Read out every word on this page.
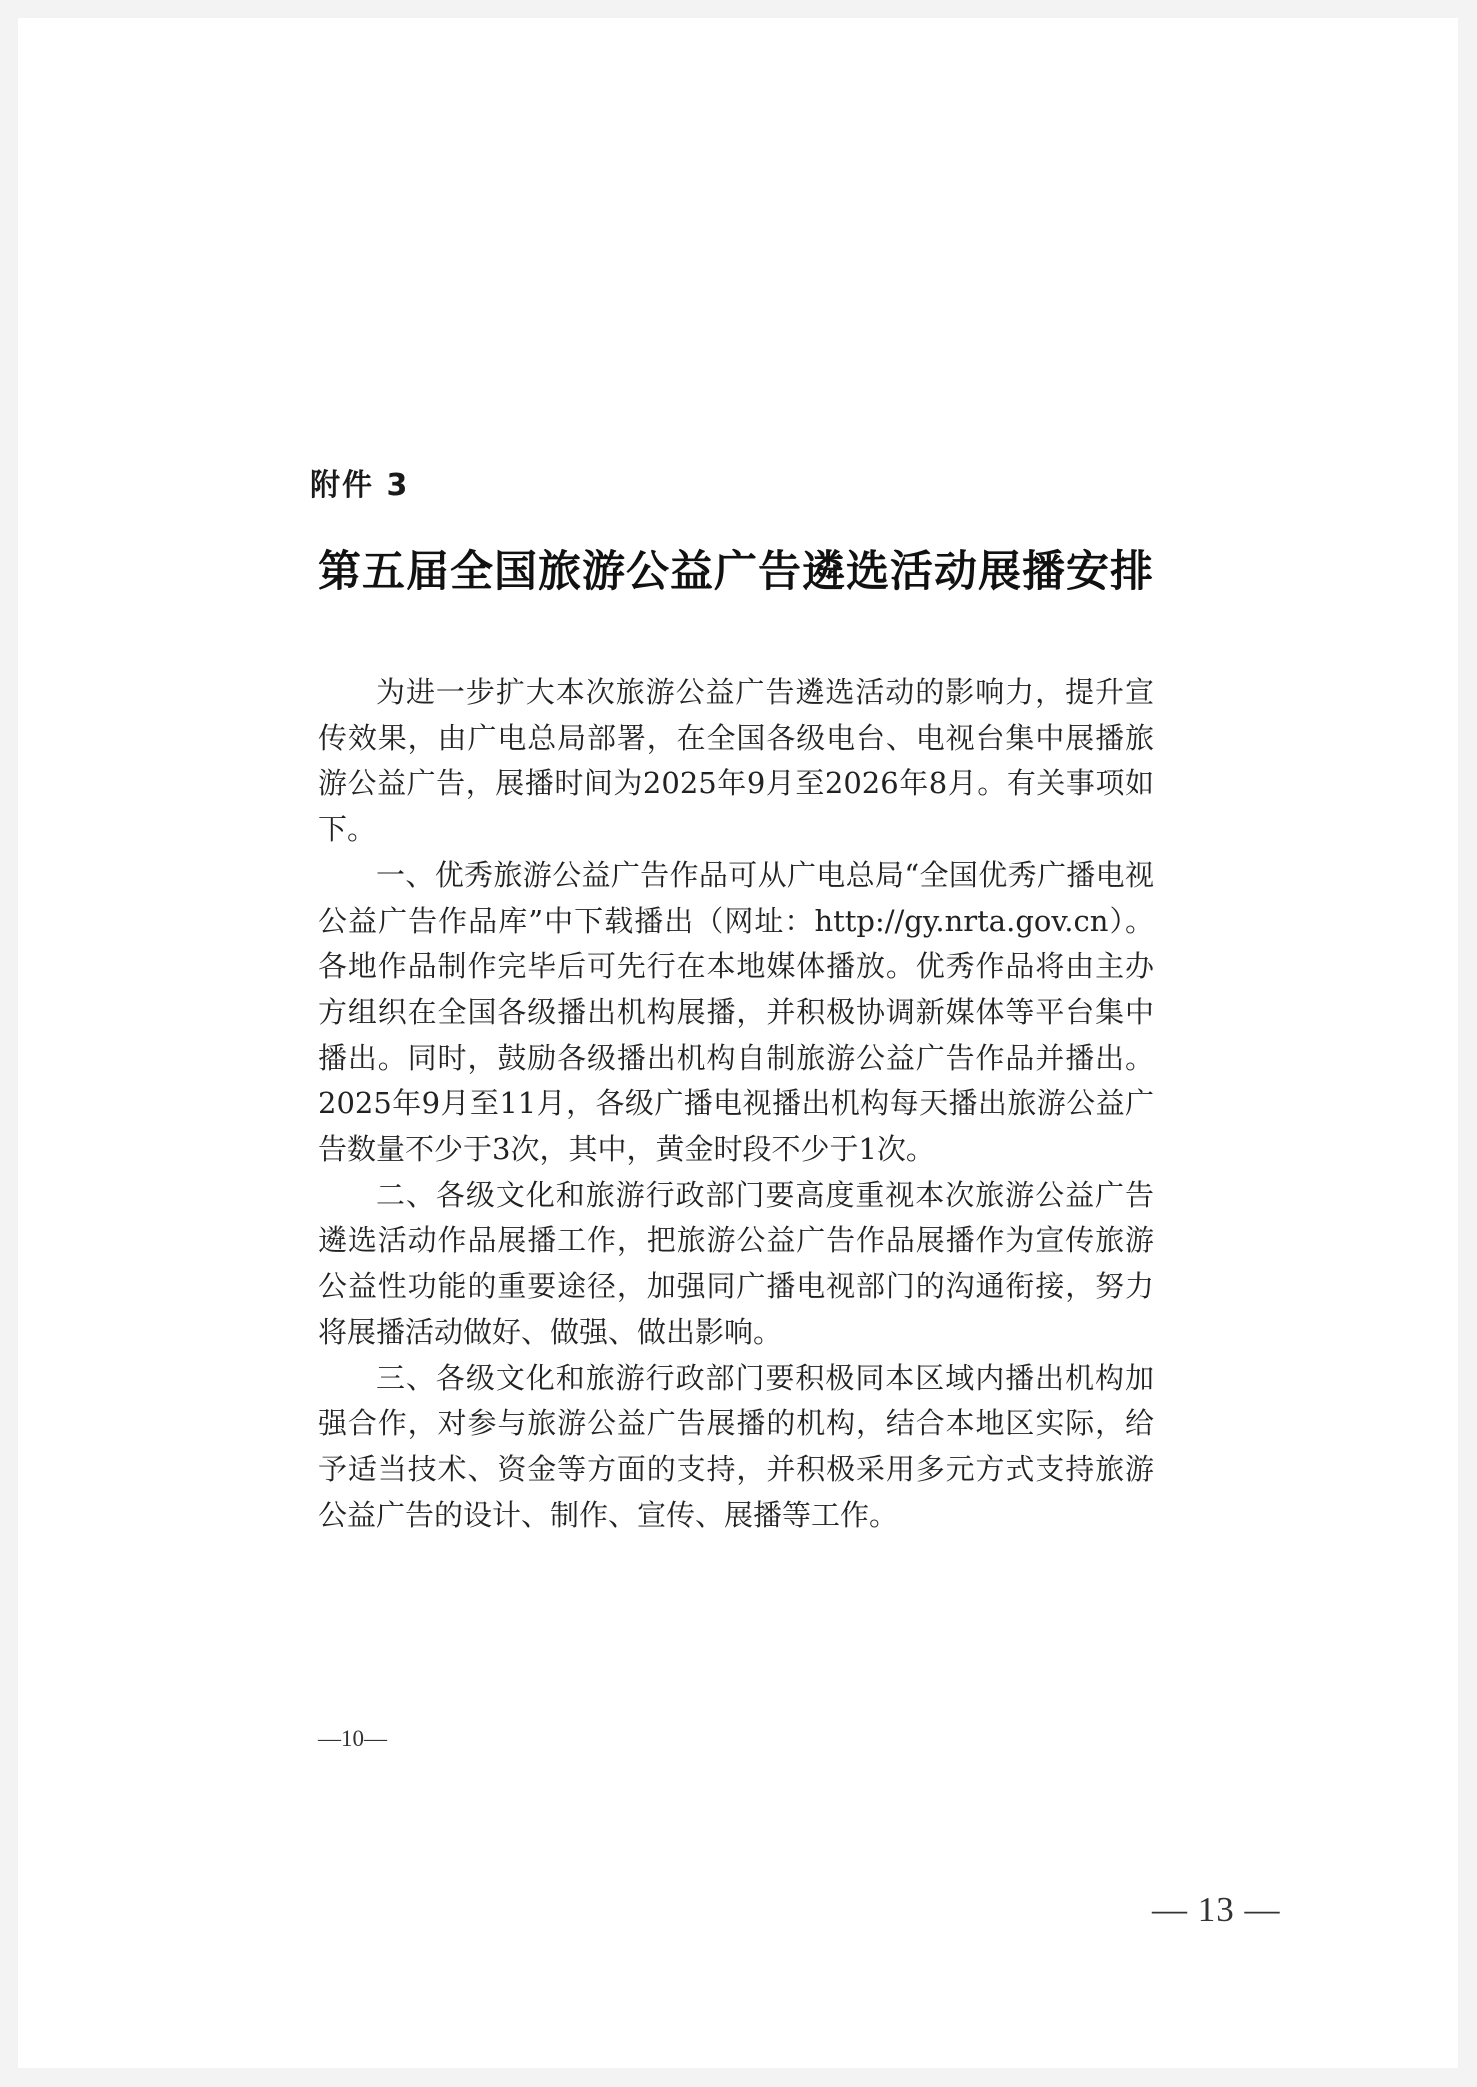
附件 3
第五届全国旅游公益广告遴选活动展播安排

为进一步扩大本次旅游公益广告遴选活动的影响力，提升宣传效果，由广电总局部署，在全国各级电台、电视台集中展播旅游公益广告，展播时间为2025年9月至2026年8月。有关事项如下。

一、优秀旅游公益广告作品可从广电总局“全国优秀广播电视公益广告作品库”中下载播出（网址：http://gy.nrta.gov.cn）。各地作品制作完毕后可先行在本地媒体播放。优秀作品将由主办方组织在全国各级播出机构展播，并积极协调新媒体等平台集中播出。同时，鼓励各级播出机构自制旅游公益广告作品并播出。2025年9月至11月，各级广播电视播出机构每天播出旅游公益广告数量不少于3次，其中，黄金时段不少于1次。

二、各级文化和旅游行政部门要高度重视本次旅游公益广告遴选活动作品展播工作，把旅游公益广告作品展播作为宣传旅游公益性功能的重要途径，加强同广播电视部门的沟通衔接，努力将展播活动做好、做强、做出影响。

三、各级文化和旅游行政部门要积极同本区域内播出机构加强合作，对参与旅游公益广告展播的机构，结合本地区实际，给予适当技术、资金等方面的支持，并积极采用多元方式支持旅游公益广告的设计、制作、宣传、展播等工作。

—10—
— 13 —
